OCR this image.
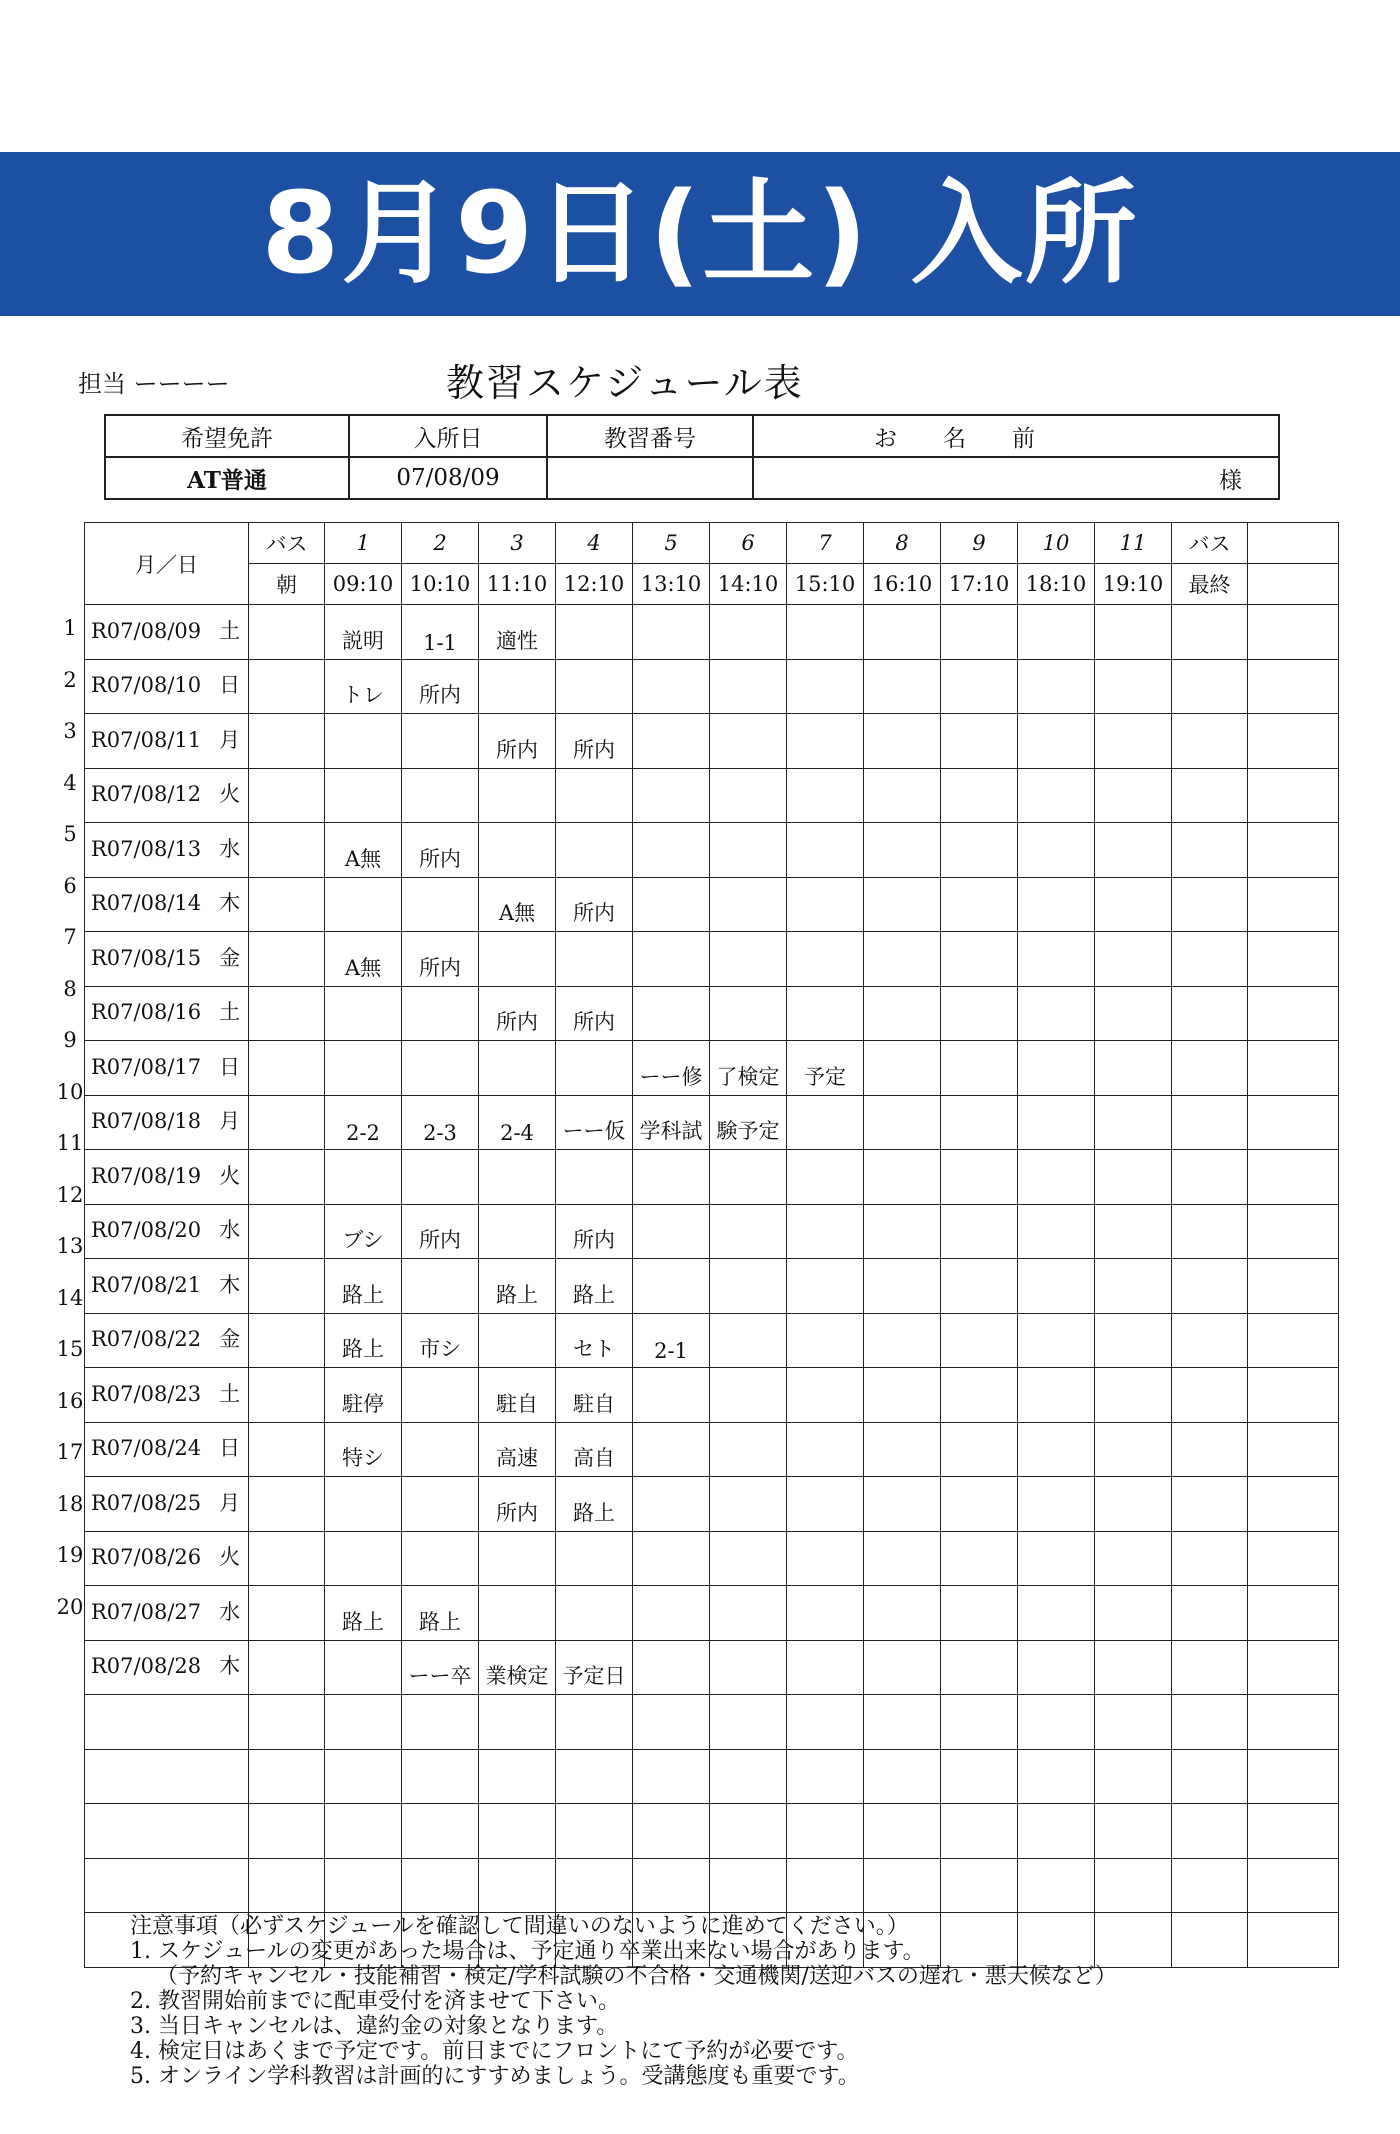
8月9日(土) 入所
担当 ーーーー	教習スケジュール表
希望免許	入所日	教習番号	お　　名　　前
AT普通	07/08/09		様
月／日	バス	1	2	3	4	5	6	7	8	9	10	11	バス	
	朝	09:10	10:10	11:10	12:10	13:10	14:10	15:10	16:10	17:10	18:10	19:10	最終	
R07/08/09 土		説明	1-1	適性										
R07/08/10 日		トレ	所内											
R07/08/11 月				所内	所内									
R07/08/12 火														
R07/08/13 水		A無	所内											
R07/08/14 木				A無	所内									
R07/08/15 金		A無	所内											
R07/08/16 土				所内	所内									
R07/08/17 日						ーー修	了検定	予定						
R07/08/18 月		2-2	2-3	2-4	ーー仮	学科試	験予定							
R07/08/19 火														
R07/08/20 水		ブシ	所内		所内									
R07/08/21 木		路上		路上	路上									
R07/08/22 金		路上	市シ		セト	2-1								
R07/08/23 土		駐停		駐自	駐自									
R07/08/24 日		特シ		高速	高自									
R07/08/25 月				所内	路上									
R07/08/26 火														
R07/08/27 水		路上	路上											
R07/08/28 木			ーー卒	業検定	予定日									

1
2
3
4
5
6
7
8
9
10
11
12
13
14
15
16
17
18
19
20
注意事項（必ずスケジュールを確認して間違いのないように進めてください。）
1. スケジュールの変更があった場合は、予定通り卒業出来ない場合があります。
（予約キャンセル・技能補習・検定/学科試験の不合格・交通機関/送迎バスの遅れ・悪天候など）
2. 教習開始前までに配車受付を済ませて下さい。
3. 当日キャンセルは、違約金の対象となります。
4. 検定日はあくまで予定です。前日までにフロントにて予約が必要です。
5. オンライン学科教習は計画的にすすめましょう。受講態度も重要です。
